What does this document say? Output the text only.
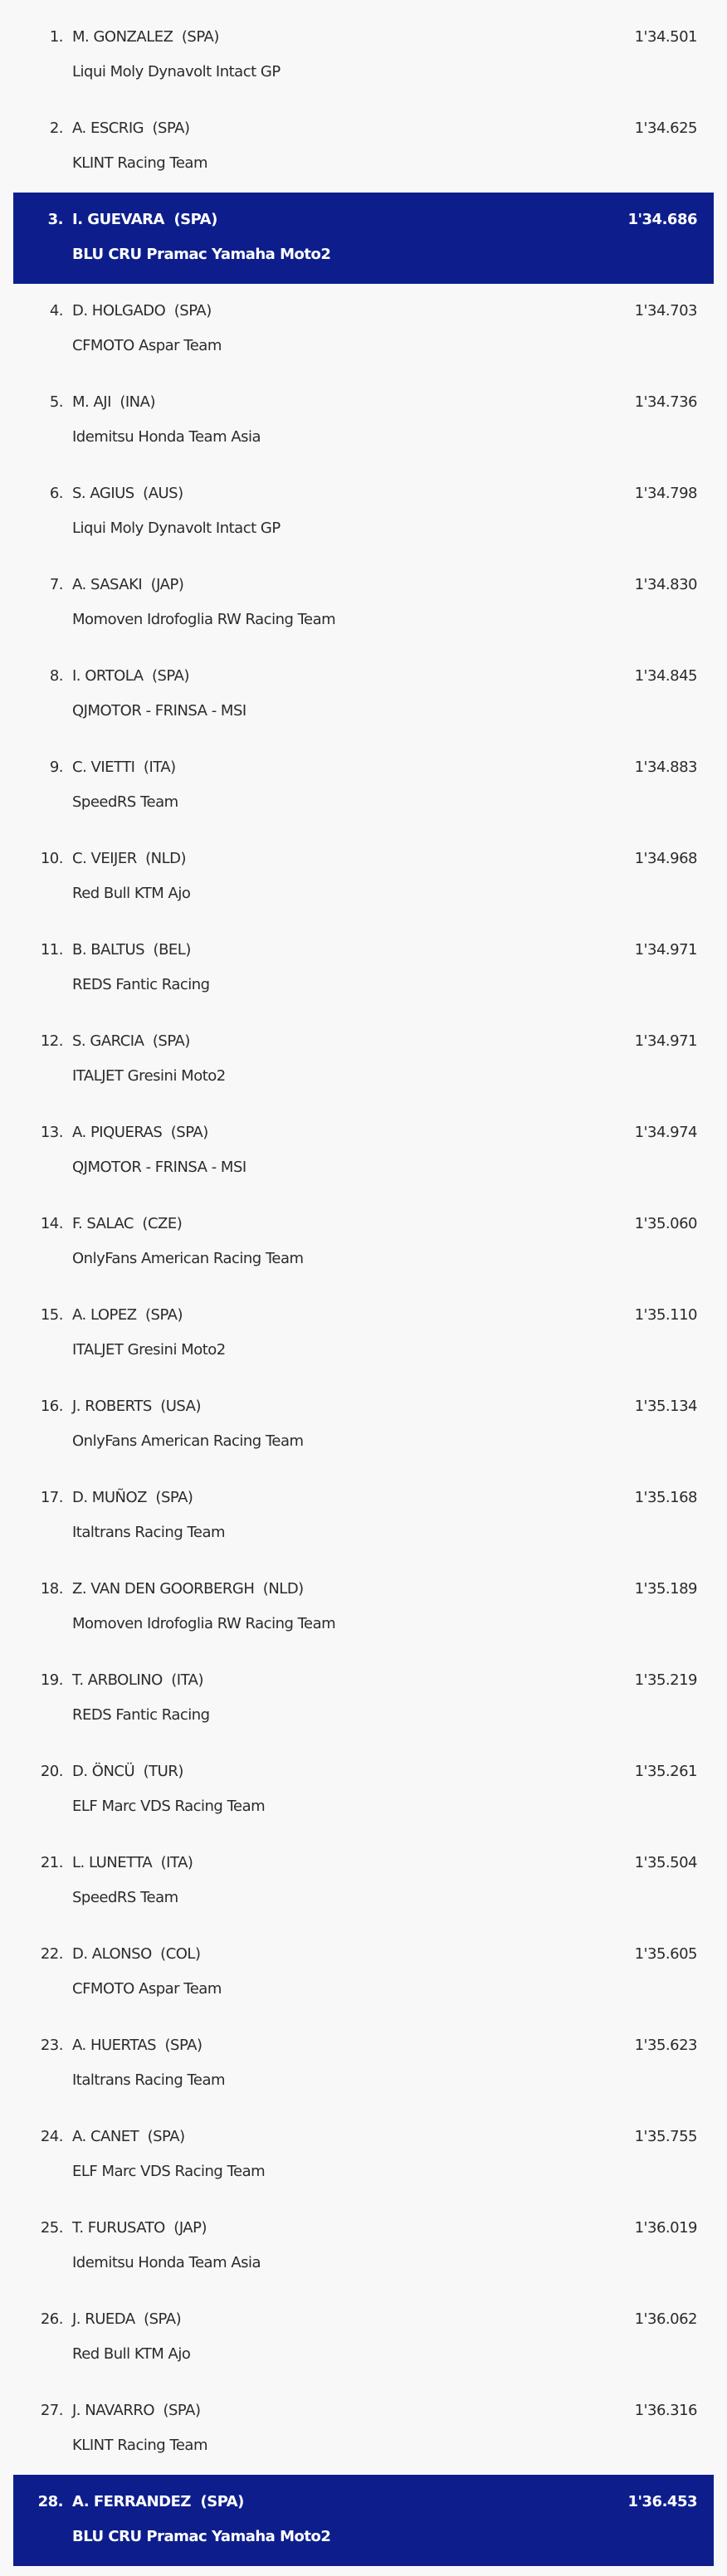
1. M. GONZALEZ  (SPA)
Liqui Moly Dynavolt Intact GP
1'34.501
2. A. ESCRIG  (SPA)
KLINT Racing Team
1'34.625
3. I. GUEVARA  (SPA)
BLU CRU Pramac Yamaha Moto2
1'34.686
4. D. HOLGADO  (SPA)
CFMOTO Aspar Team
1'34.703
5. M. AJI  (INA)
Idemitsu Honda Team Asia
1'34.736
6. S. AGIUS  (AUS)
Liqui Moly Dynavolt Intact GP
1'34.798
7. A. SASAKI  (JAP)
Momoven Idrofoglia RW Racing Team
1'34.830
8. I. ORTOLA  (SPA)
QJMOTOR - FRINSA - MSI
1'34.845
9. C. VIETTI  (ITA)
SpeedRS Team
1'34.883
10. C. VEIJER  (NLD)
Red Bull KTM Ajo
1'34.968
11. B. BALTUS  (BEL)
REDS Fantic Racing
1'34.971
12. S. GARCIA  (SPA)
ITALJET Gresini Moto2
1'34.971
13. A. PIQUERAS  (SPA)
QJMOTOR - FRINSA - MSI
1'34.974
14. F. SALAC  (CZE)
OnlyFans American Racing Team
1'35.060
15. A. LOPEZ  (SPA)
ITALJET Gresini Moto2
1'35.110
16. J. ROBERTS  (USA)
OnlyFans American Racing Team
1'35.134
17. D. MUÑOZ  (SPA)
Italtrans Racing Team
1'35.168
18. Z. VAN DEN GOORBERGH  (NLD)
Momoven Idrofoglia RW Racing Team
1'35.189
19. T. ARBOLINO  (ITA)
REDS Fantic Racing
1'35.219
20. D. ÖNCÜ  (TUR)
ELF Marc VDS Racing Team
1'35.261
21. L. LUNETTA  (ITA)
SpeedRS Team
1'35.504
22. D. ALONSO  (COL)
CFMOTO Aspar Team
1'35.605
23. A. HUERTAS  (SPA)
Italtrans Racing Team
1'35.623
24. A. CANET  (SPA)
ELF Marc VDS Racing Team
1'35.755
25. T. FURUSATO  (JAP)
Idemitsu Honda Team Asia
1'36.019
26. J. RUEDA  (SPA)
Red Bull KTM Ajo
1'36.062
27. J. NAVARRO  (SPA)
KLINT Racing Team
1'36.316
28. A. FERRANDEZ  (SPA)
BLU CRU Pramac Yamaha Moto2
1'36.453
